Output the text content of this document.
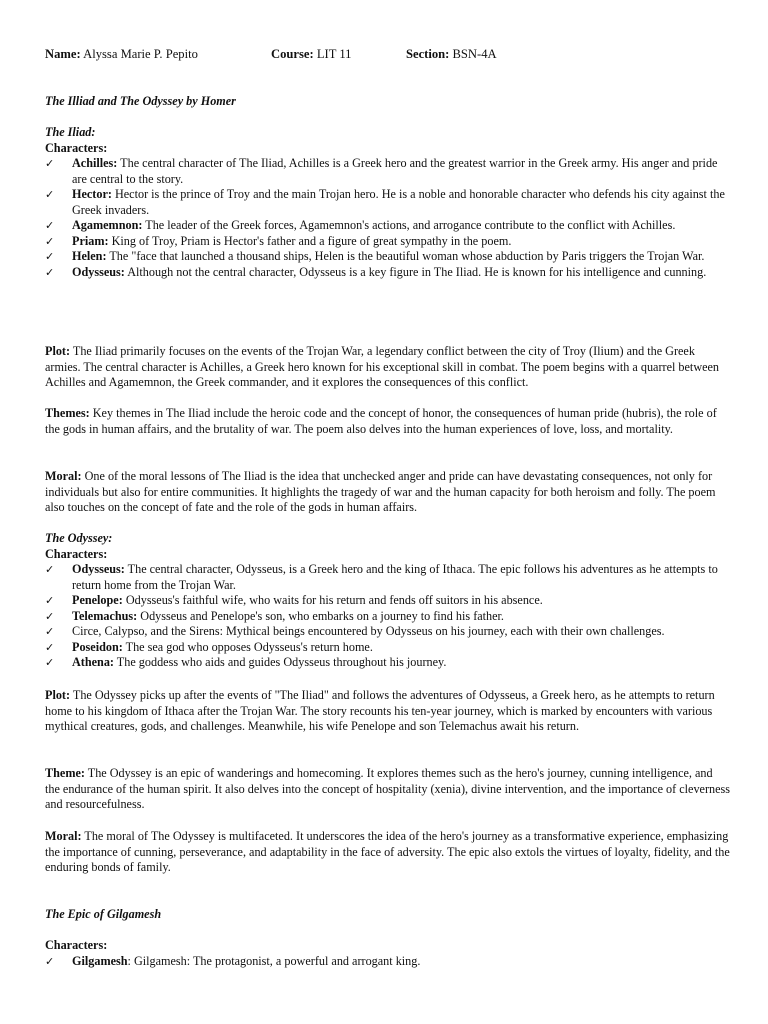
Name: Alyssa Marie P. Pepito	Course: LIT 11	Section: BSN-4A

The Illiad and The Odyssey by Homer

The Iliad:

Characters:

✓ Achilles: The central character of The Iliad, Achilles is a Greek hero and the greatest warrior in the Greek army. His anger and pride are central to the story.
✓ Hector: Hector is the prince of Troy and the main Trojan hero. He is a noble and honorable character who defends his city against the Greek invaders.
✓ Agamemnon: The leader of the Greek forces, Agamemnon's actions, and arrogance contribute to the conflict with Achilles.
✓ Priam: King of Troy, Priam is Hector's father and a figure of great sympathy in the poem.
✓ Helen: The "face that launched a thousand ships, Helen is the beautiful woman whose abduction by Paris triggers the Trojan War.
✓ Odysseus: Although not the central character, Odysseus is a key figure in The Iliad. He is known for his intelligence and cunning.

Plot: The Iliad primarily focuses on the events of the Trojan War, a legendary conflict between the city of Troy (Ilium) and the Greek armies. The central character is Achilles, a Greek hero known for his exceptional skill in combat. The poem begins with a quarrel between Achilles and Agamemnon, the Greek commander, and it explores the consequences of this conflict.

Themes: Key themes in The Iliad include the heroic code and the concept of honor, the consequences of human pride (hubris), the role of the gods in human affairs, and the brutality of war. The poem also delves into the human experiences of love, loss, and mortality.

Moral: One of the moral lessons of The Iliad is the idea that unchecked anger and pride can have devastating consequences, not only for individuals but also for entire communities. It highlights the tragedy of war and the human capacity for both heroism and folly. The poem also touches on the concept of fate and the role of the gods in human affairs.

The Odyssey:

Characters:

✓ Odysseus: The central character, Odysseus, is a Greek hero and the king of Ithaca. The epic follows his adventures as he attempts to return home from the Trojan War.
✓ Penelope: Odysseus's faithful wife, who waits for his return and fends off suitors in his absence.
✓ Telemachus: Odysseus and Penelope's son, who embarks on a journey to find his father.
✓ Circe, Calypso, and the Sirens: Mythical beings encountered by Odysseus on his journey, each with their own challenges.
✓ Poseidon: The sea god who opposes Odysseus's return home.
✓ Athena: The goddess who aids and guides Odysseus throughout his journey.

Plot: The Odyssey picks up after the events of "The Iliad" and follows the adventures of Odysseus, a Greek hero, as he attempts to return home to his kingdom of Ithaca after the Trojan War. The story recounts his ten-year journey, which is marked by encounters with various mythical creatures, gods, and challenges. Meanwhile, his wife Penelope and son Telemachus await his return.

Theme: The Odyssey is an epic of wanderings and homecoming. It explores themes such as the hero's journey, cunning intelligence, and the endurance of the human spirit. It also delves into the concept of hospitality (xenia), divine intervention, and the importance of cleverness and resourcefulness.

Moral: The moral of The Odyssey is multifaceted. It underscores the idea of the hero's journey as a transformative experience, emphasizing the importance of cunning, perseverance, and adaptability in the face of adversity. The epic also extols the virtues of loyalty, fidelity, and the enduring bonds of family.

The Epic of Gilgamesh

Characters:

✓ Gilgamesh: Gilgamesh: The protagonist, a powerful and arrogant king.
